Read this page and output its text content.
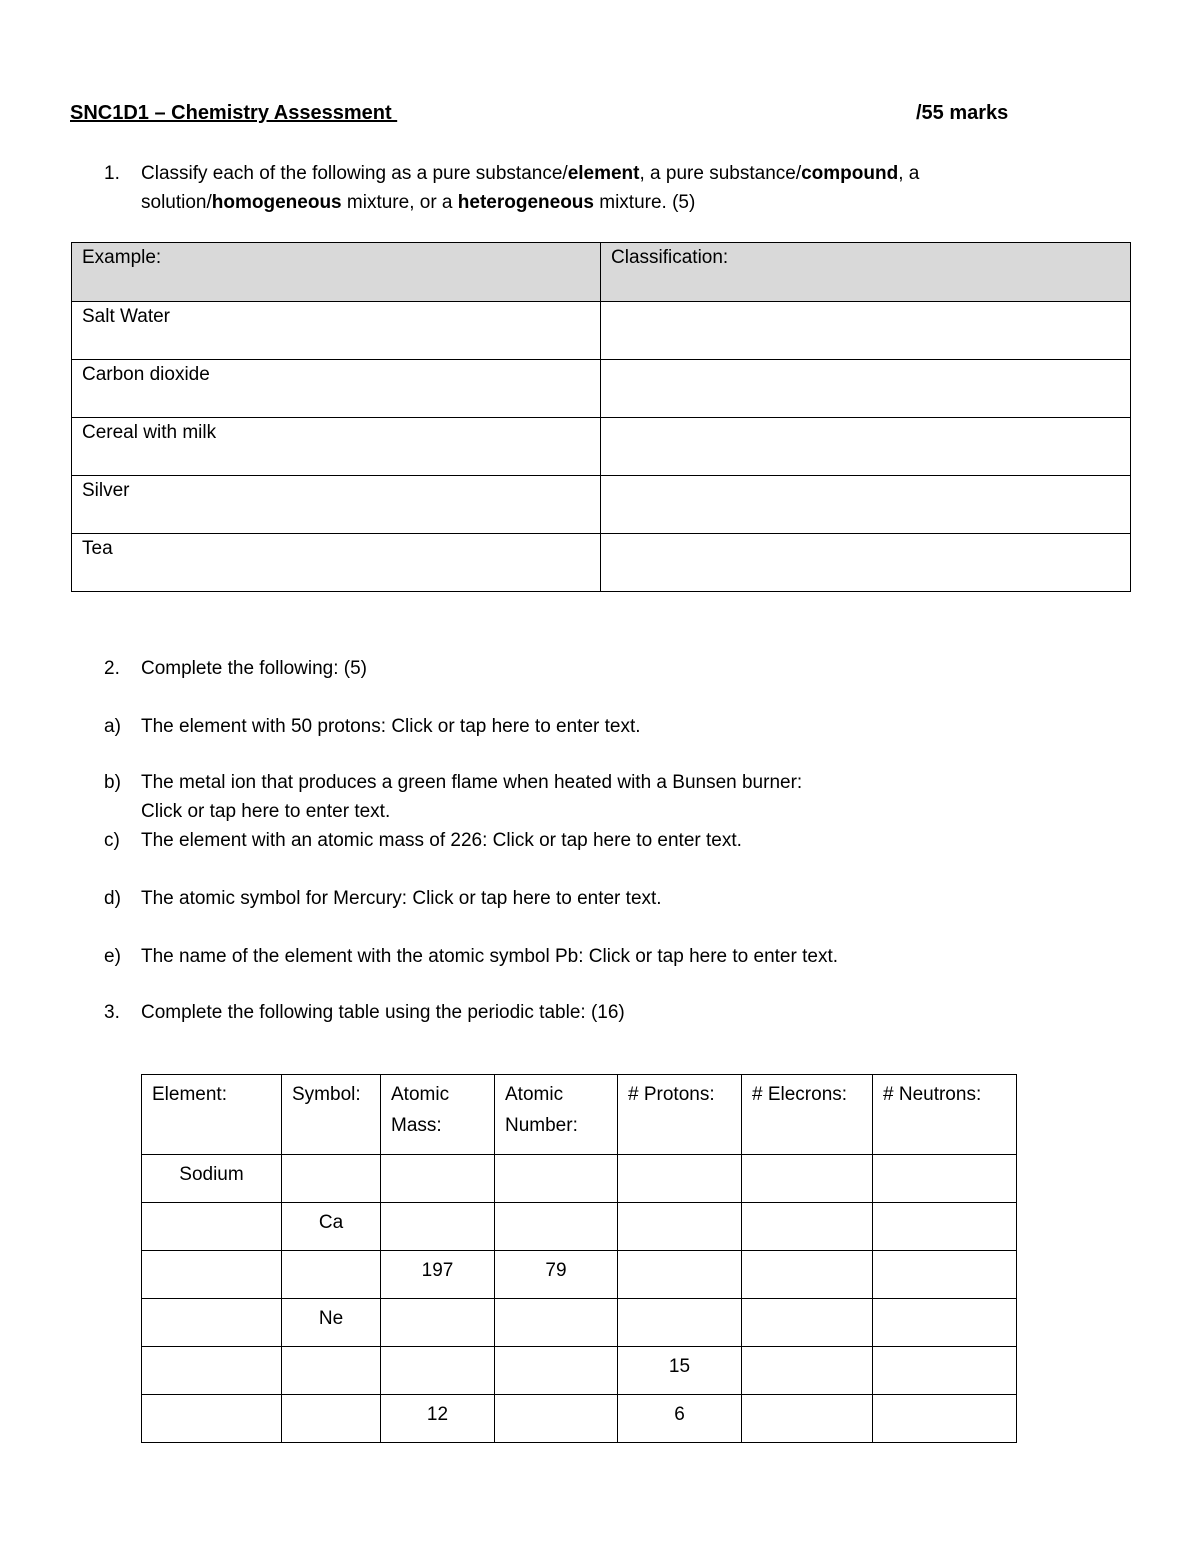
SNC1D1 – Chemistry Assessment	/55 marks
1. Classify each of the following as a pure substance/element, a pure substance/compound, a
solution/homogeneous mixture, or a heterogeneous mixture. (5)
Example:	Classification:
Salt Water	
Carbon dioxide	
Cereal with milk	
Silver	
Tea	
2. Complete the following: (5)
a) The element with 50 protons: Click or tap here to enter text.
b) The metal ion that produces a green flame when heated with a Bunsen burner:
Click or tap here to enter text.
c) The element with an atomic mass of 226: Click or tap here to enter text.
d) The atomic symbol for Mercury: Click or tap here to enter text.
e) The name of the element with the atomic symbol Pb: Click or tap here to enter text.
3. Complete the following table using the periodic table: (16)
Element:	Symbol:	Atomic Mass:	Atomic Number:	# Protons:	# Elecrons:	# Neutrons:
Sodium						
	Ca					
		197	79			
	Ne					
				15		
		12		6		
